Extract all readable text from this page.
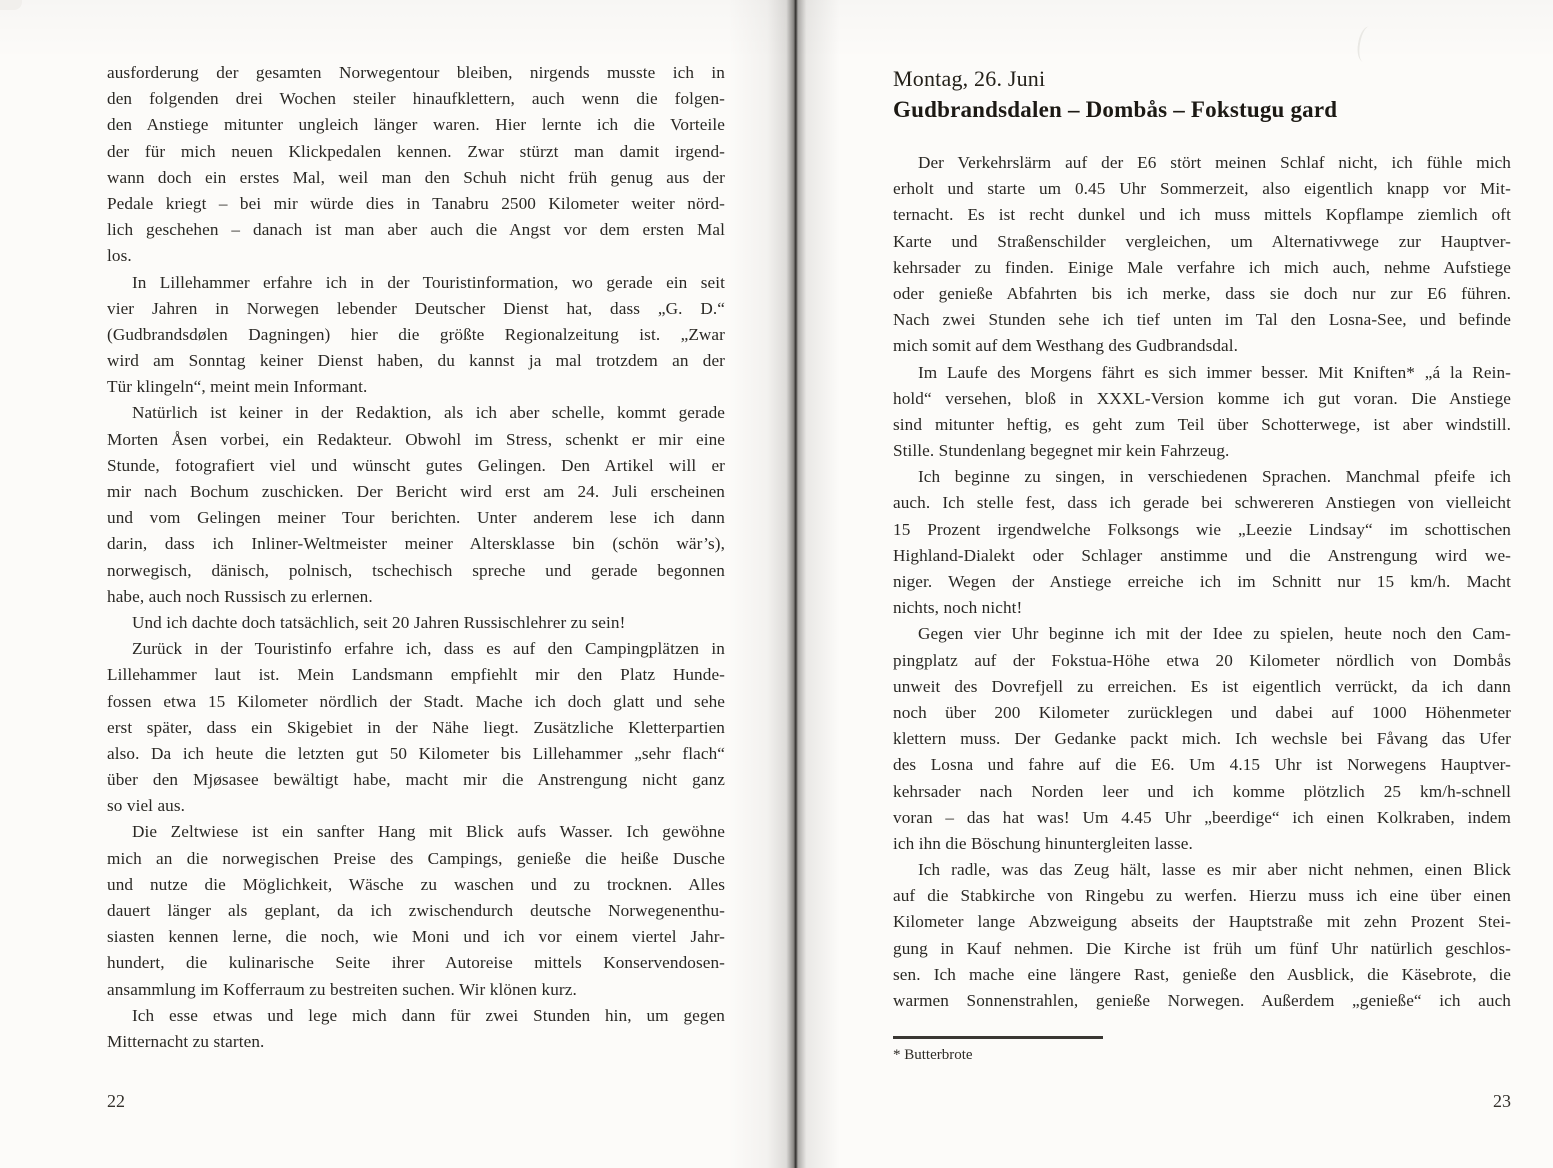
ausforderung der gesamten Norwegentour bleiben, nirgends musste ich in
den folgenden drei Wochen steiler hinaufklettern, auch wenn die folgen-
den Anstiege mitunter ungleich länger waren. Hier lernte ich die Vorteile
der für mich neuen Klickpedalen kennen. Zwar stürzt man damit irgend-
wann doch ein erstes Mal, weil man den Schuh nicht früh genug aus der
Pedale kriegt – bei mir würde dies in Tanabru 2500 Kilometer weiter nörd-
lich geschehen – danach ist man aber auch die Angst vor dem ersten Mal
los.
In Lillehammer erfahre ich in der Touristinformation, wo gerade ein seit
vier Jahren in Norwegen lebender Deutscher Dienst hat, dass „G. D.“
(Gudbrandsdølen Dagningen) hier die größte Regionalzeitung ist. „Zwar
wird am Sonntag keiner Dienst haben, du kannst ja mal trotzdem an der
Tür klingeln“, meint mein Informant.
Natürlich ist keiner in der Redaktion, als ich aber schelle, kommt gerade
Morten Åsen vorbei, ein Redakteur. Obwohl im Stress, schenkt er mir eine
Stunde, fotografiert viel und wünscht gutes Gelingen. Den Artikel will er
mir nach Bochum zuschicken. Der Bericht wird erst am 24. Juli erscheinen
und vom Gelingen meiner Tour berichten. Unter anderem lese ich dann
darin, dass ich Inliner-Weltmeister meiner Altersklasse bin (schön wär’s),
norwegisch, dänisch, polnisch, tschechisch spreche und gerade begonnen
habe, auch noch Russisch zu erlernen.
Und ich dachte doch tatsächlich, seit 20 Jahren Russischlehrer zu sein!
Zurück in der Touristinfo erfahre ich, dass es auf den Campingplätzen in
Lillehammer laut ist. Mein Landsmann empfiehlt mir den Platz Hunde-
fossen etwa 15 Kilometer nördlich der Stadt. Mache ich doch glatt und sehe
erst später, dass ein Skigebiet in der Nähe liegt. Zusätzliche Kletterpartien
also. Da ich heute die letzten gut 50 Kilometer bis Lillehammer „sehr flach“
über den Mjøsasee bewältigt habe, macht mir die Anstrengung nicht ganz
so viel aus.
Die Zeltwiese ist ein sanfter Hang mit Blick aufs Wasser. Ich gewöhne
mich an die norwegischen Preise des Campings, genieße die heiße Dusche
und nutze die Möglichkeit, Wäsche zu waschen und zu trocknen. Alles
dauert länger als geplant, da ich zwischendurch deutsche Norwegenenthu-
siasten kennen lerne, die noch, wie Moni und ich vor einem viertel Jahr-
hundert, die kulinarische Seite ihrer Autoreise mittels Konservendosen-
ansammlung im Kofferraum zu bestreiten suchen. Wir klönen kurz.
Ich esse etwas und lege mich dann für zwei Stunden hin, um gegen
Mitternacht zu starten.
22
Montag, 26. Juni
Gudbrandsdalen – Dombås – Fokstugu gard
Der Verkehrslärm auf der E6 stört meinen Schlaf nicht, ich fühle mich
erholt und starte um 0.45 Uhr Sommerzeit, also eigentlich knapp vor Mit-
ternacht. Es ist recht dunkel und ich muss mittels Kopflampe ziemlich oft
Karte und Straßenschilder vergleichen, um Alternativwege zur Hauptver-
kehrsader zu finden. Einige Male verfahre ich mich auch, nehme Aufstiege
oder genieße Abfahrten bis ich merke, dass sie doch nur zur E6 führen.
Nach zwei Stunden sehe ich tief unten im Tal den Losna-See, und befinde
mich somit auf dem Westhang des Gudbrandsdal.
Im Laufe des Morgens fährt es sich immer besser. Mit Kniften* „á la Rein-
hold“ versehen, bloß in XXXL-Version komme ich gut voran. Die Anstiege
sind mitunter heftig, es geht zum Teil über Schotterwege, ist aber windstill.
Stille. Stundenlang begegnet mir kein Fahrzeug.
Ich beginne zu singen, in verschiedenen Sprachen. Manchmal pfeife ich
auch. Ich stelle fest, dass ich gerade bei schwereren Anstiegen von vielleicht
15 Prozent irgendwelche Folksongs wie „Leezie Lindsay“ im schottischen
Highland-Dialekt oder Schlager anstimme und die Anstrengung wird we-
niger. Wegen der Anstiege erreiche ich im Schnitt nur 15 km/h. Macht
nichts, noch nicht!
Gegen vier Uhr beginne ich mit der Idee zu spielen, heute noch den Cam-
pingplatz auf der Fokstua-Höhe etwa 20 Kilometer nördlich von Dombås
unweit des Dovrefjell zu erreichen. Es ist eigentlich verrückt, da ich dann
noch über 200 Kilometer zurücklegen und dabei auf 1000 Höhenmeter
klettern muss. Der Gedanke packt mich. Ich wechsle bei Fåvang das Ufer
des Losna und fahre auf die E6. Um 4.15 Uhr ist Norwegens Hauptver-
kehrsader nach Norden leer und ich komme plötzlich 25 km/h-schnell
voran – das hat was! Um 4.45 Uhr „beerdige“ ich einen Kolkraben, indem
ich ihn die Böschung hinuntergleiten lasse.
Ich radle, was das Zeug hält, lasse es mir aber nicht nehmen, einen Blick
auf die Stabkirche von Ringebu zu werfen. Hierzu muss ich eine über einen
Kilometer lange Abzweigung abseits der Hauptstraße mit zehn Prozent Stei-
gung in Kauf nehmen. Die Kirche ist früh um fünf Uhr natürlich geschlos-
sen. Ich mache eine längere Rast, genieße den Ausblick, die Käsebrote, die
warmen Sonnenstrahlen, genieße Norwegen. Außerdem „genieße“ ich auch
* Butterbrote
23
